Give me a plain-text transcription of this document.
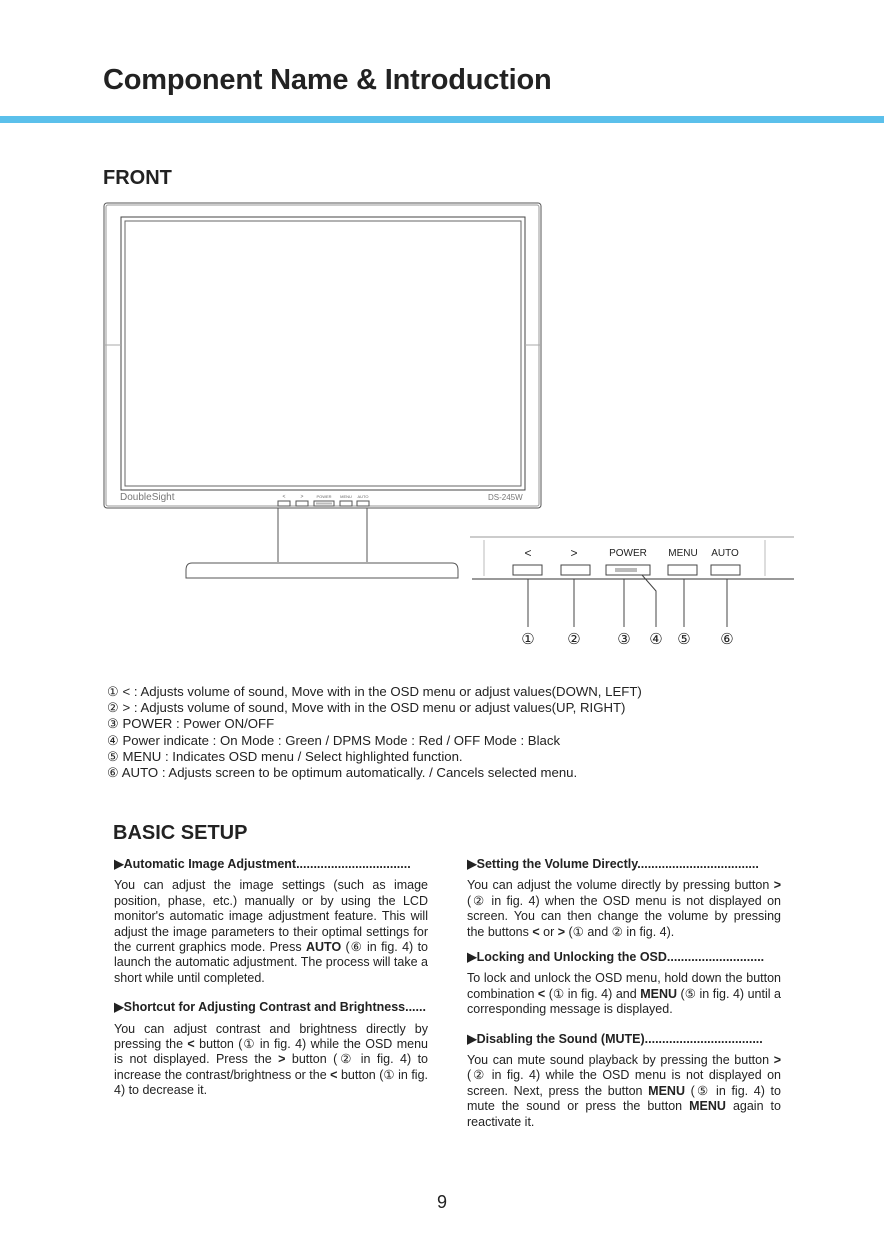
Component Name & Introduction
FRONT
DoubleSight	DS-245W
<	>	POWER MENU AUTO
<	>	POWER MENU AUTO
① ② ③ ④ ⑤ ⑥
① < : Adjusts volume of sound, Move with in the OSD menu or adjust values(DOWN, LEFT)
② > : Adjusts volume of sound, Move with in the OSD menu or adjust values(UP, RIGHT)
③ POWER : Power ON/OFF
④ Power indicate : On Mode : Green / DPMS Mode : Red / OFF Mode : Black
⑤ MENU : Indicates OSD menu / Select highlighted function.
⑥ AUTO : Adjusts screen to be optimum automatically. / Cancels selected menu.
BASIC SETUP
▶Automatic Image Adjustment.................................

You can adjust the image settings (such as image position, phase, etc.) manually or by using the LCD monitor's automatic image adjustment feature. This will adjust the image parameters to their optimal settings for the current graphics mode. Press AUTO (⑥ in fig. 4) to launch the automatic adjustment. The process will take a short while until completed.

▶Shortcut for Adjusting Contrast and Brightness......

You can adjust contrast and brightness directly by pressing the < button (① in fig. 4) while the OSD menu is not displayed. Press the > button (② in fig. 4) to increase the contrast/brightness or the < button (① in fig. 4) to decrease it.

▶Setting the Volume Directly...................................

You can adjust the volume directly by pressing button > (② in fig. 4) when the OSD menu is not displayed on screen. You can then change the volume by pressing the buttons < or > (① and ② in fig. 4).

▶Locking and Unlocking the OSD............................

To lock and unlock the OSD menu, hold down the button combination < (① in fig. 4) and MENU (⑤ in fig. 4) until a corresponding message is displayed.

▶Disabling the Sound (MUTE)..................................

You can mute sound playback by pressing the button > (② in fig. 4) while the OSD menu is not displayed on screen. Next, press the button MENU (⑤ in fig. 4) to mute the sound or press the button MENU again to reactivate it.

9
